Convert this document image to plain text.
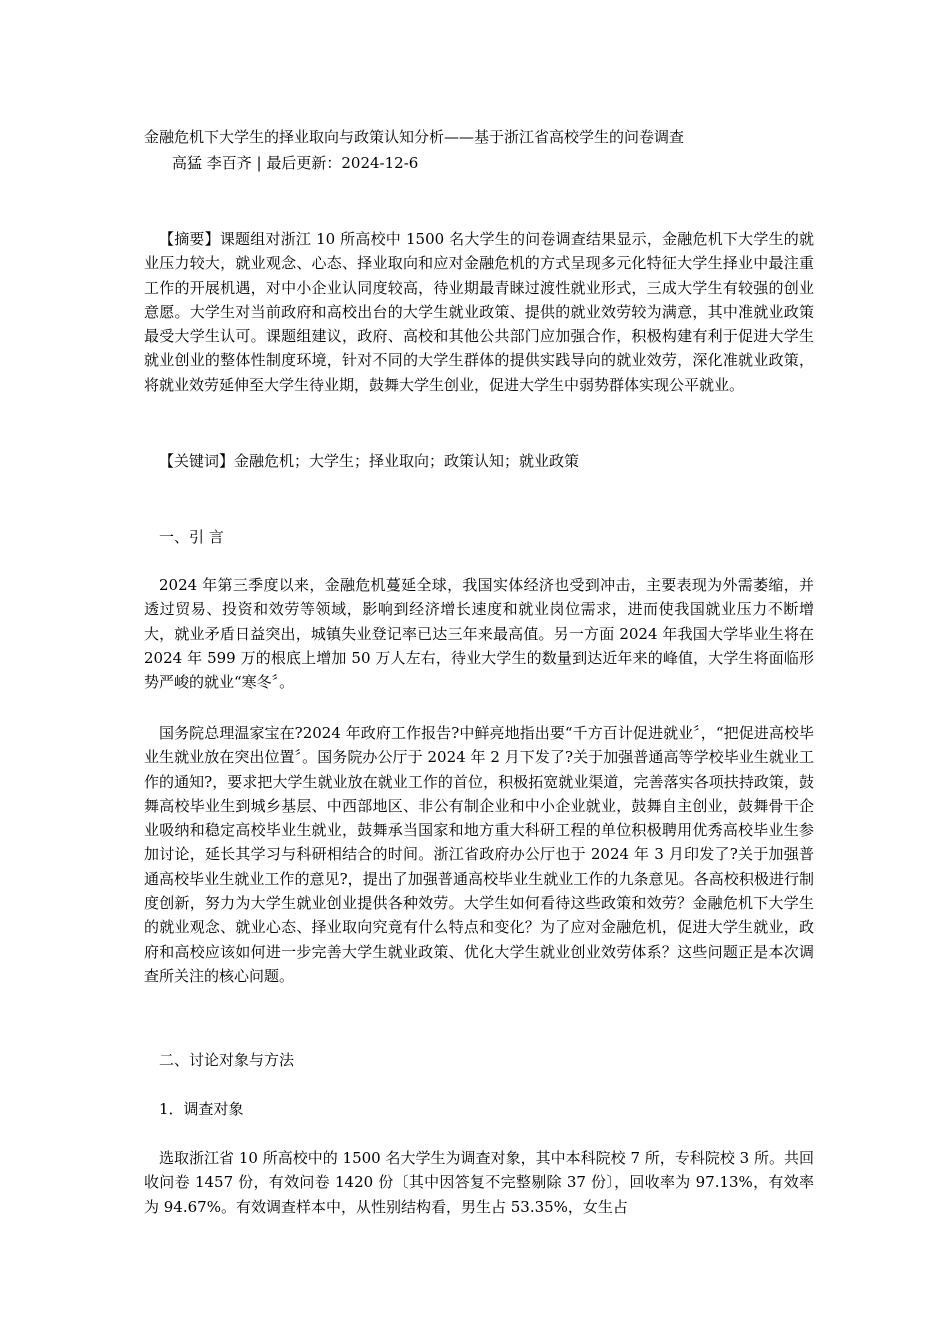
金融危机下大学生的择业取向与政策认知分析——基于浙江省高校学生的问卷调查
高猛 李百齐 | 最后更新：2024-12-6

【摘要】课题组对浙江 10 所高校中 1500 名大学生的问卷调查结果显示，金融危机下大学生的就业压力较大，就业观念、心态、择业取向和应对金融危机的方式呈现多元化特征大学生择业中最注重工作的开展机遇，对中小企业认同度较高，待业期最青睐过渡性就业形式，三成大学生有较强的创业意愿。大学生对当前政府和高校出台的大学生就业政策、提供的就业效劳较为满意，其中准就业政策最受大学生认可。课题组建议，政府、高校和其他公共部门应加强合作，积极构建有利于促进大学生就业创业的整体性制度环境，针对不同的大学生群体的提供实践导向的就业效劳，深化准就业政策，将就业效劳延伸至大学生待业期，鼓舞大学生创业，促进大学生中弱势群体实现公平就业。

【关键词】金融危机；大学生；择业取向；政策认知；就业政策

一、引 言

2024 年第三季度以来，金融危机蔓延全球，我国实体经济也受到冲击，主要表现为外需萎缩，并透过贸易、投资和效劳等领域，影响到经济增长速度和就业岗位需求，进而使我国就业压力不断增大，就业矛盾日益突出，城镇失业登记率已达三年来最高值。另一方面 2024 年我国大学毕业生将在 2024 年 599 万的根底上增加 50 万人左右，待业大学生的数量到达近年来的峰值，大学生将面临形势严峻的就业“寒冬〞。

国务院总理温家宝在?2024 年政府工作报告?中鲜亮地指出要“千方百计促进就业〞，“把促进高校毕业生就业放在突出位置〞。国务院办公厅于 2024 年 2 月下发了?关于加强普通高等学校毕业生就业工作的通知?，要求把大学生就业放在就业工作的首位，积极拓宽就业渠道，完善落实各项扶持政策，鼓舞高校毕业生到城乡基层、中西部地区、非公有制企业和中小企业就业，鼓舞自主创业，鼓舞骨干企业吸纳和稳定高校毕业生就业，鼓舞承当国家和地方重大科研工程的单位积极聘用优秀高校毕业生参加讨论，延长其学习与科研相结合的时间。浙江省政府办公厅也于 2024 年 3 月印发了?关于加强普通高校毕业生就业工作的意见?，提出了加强普通高校毕业生就业工作的九条意见。各高校积极进行制度创新，努力为大学生就业创业提供各种效劳。大学生如何看待这些政策和效劳？金融危机下大学生的就业观念、就业心态、择业取向究竟有什么特点和变化？为了应对金融危机，促进大学生就业，政府和高校应该如何进一步完善大学生就业政策、优化大学生就业创业效劳体系？这些问题正是本次调查所关注的核心问题。

二、讨论对象与方法

1．调查对象

选取浙江省 10 所高校中的 1500 名大学生为调查对象，其中本科院校 7 所，专科院校 3 所。共回收问卷 1457 份，有效问卷 1420 份〔其中因答复不完整剔除 37 份〕，回收率为 97.13%，有效率为 94.67%。有效调查样本中，从性别结构看，男生占 53.35%，女生占
